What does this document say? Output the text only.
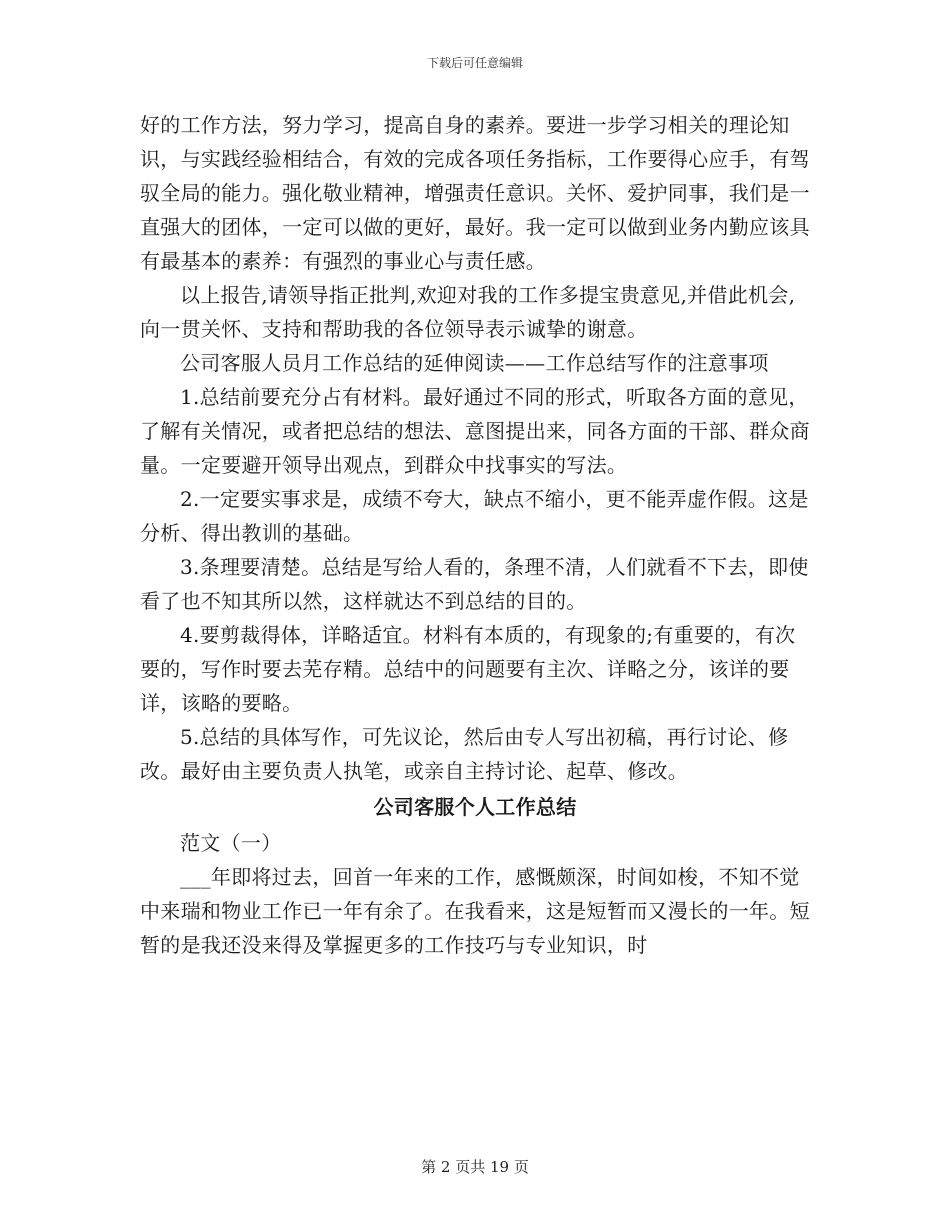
下载后可任意编辑

好的工作方法，努力学习，提高自身的素养。要进一步学习相关的理论知识，与实践经验相结合，有效的完成各项任务指标，工作要得心应手，有驾驭全局的能力。强化敬业精神，增强责任意识。关怀、爱护同事，我们是一直强大的团体，一定可以做的更好，最好。我一定可以做到业务内勤应该具有最基本的素养：有强烈的事业心与责任感。

以上报告,请领导指正批判,欢迎对我的工作多提宝贵意见,并借此机会,向一贯关怀、支持和帮助我的各位领导表示诚挚的谢意。

公司客服人员月工作总结的延伸阅读——工作总结写作的注意事项

1.总结前要充分占有材料。最好通过不同的形式，听取各方面的意见，了解有关情况，或者把总结的想法、意图提出来，同各方面的干部、群众商量。一定要避开领导出观点，到群众中找事实的写法。

2.一定要实事求是，成绩不夸大，缺点不缩小，更不能弄虚作假。这是分析、得出教训的基础。

3.条理要清楚。总结是写给人看的，条理不清，人们就看不下去，即使看了也不知其所以然，这样就达不到总结的目的。

4.要剪裁得体，详略适宜。材料有本质的，有现象的;有重要的，有次要的，写作时要去芜存精。总结中的问题要有主次、详略之分，该详的要详，该略的要略。

5.总结的具体写作，可先议论，然后由专人写出初稿，再行讨论、修改。最好由主要负责人执笔，或亲自主持讨论、起草、修改。

公司客服个人工作总结

范文（一）

___年即将过去，回首一年来的工作，感慨颇深，时间如梭，不知不觉中来瑞和物业工作已一年有余了。在我看来，这是短暂而又漫长的一年。短暂的是我还没来得及掌握更多的工作技巧与专业知识，时

第 2 页共 19 页
